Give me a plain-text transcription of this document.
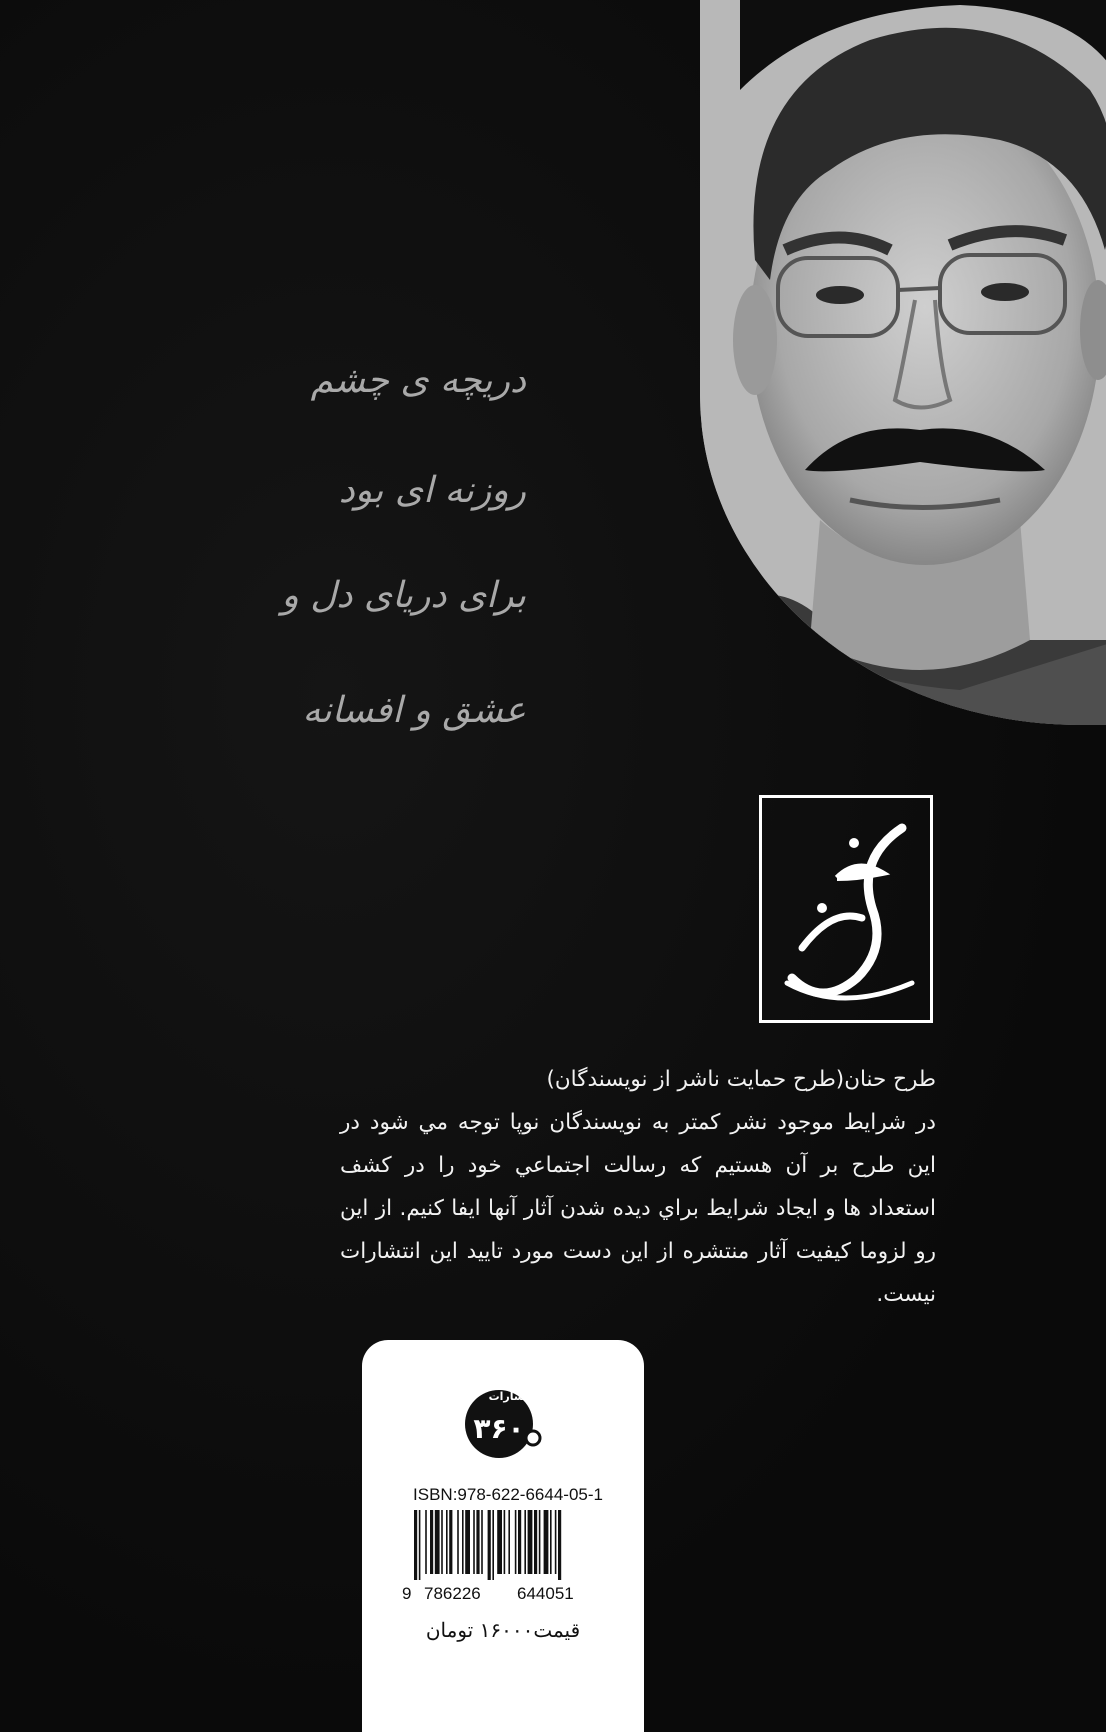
دریچه ی چشم
روزنه ای بود
برای دریای دل و
عشق و افسانه

طرح حنان(طرح حمايت ناشر از نويسندگان)

در شرايط موجود نشر كمتر به نويسندگان نوپا توجه مي شود در اين طرح بر آن هستيم كه رسالت اجتماعي خود را در كشف استعداد ها و ايجاد شرايط براي ديده شدن آثار آنها ايفا كنيم. از اين رو لزوما كيفيت آثار منتشره از اين دست مورد تاييد اين انتشارات نيست.

۳۶۰
انتشارات
ISBN:978-622-6644-05-1
9 786226 644051
قیمت۱۶۰۰۰ تومان
